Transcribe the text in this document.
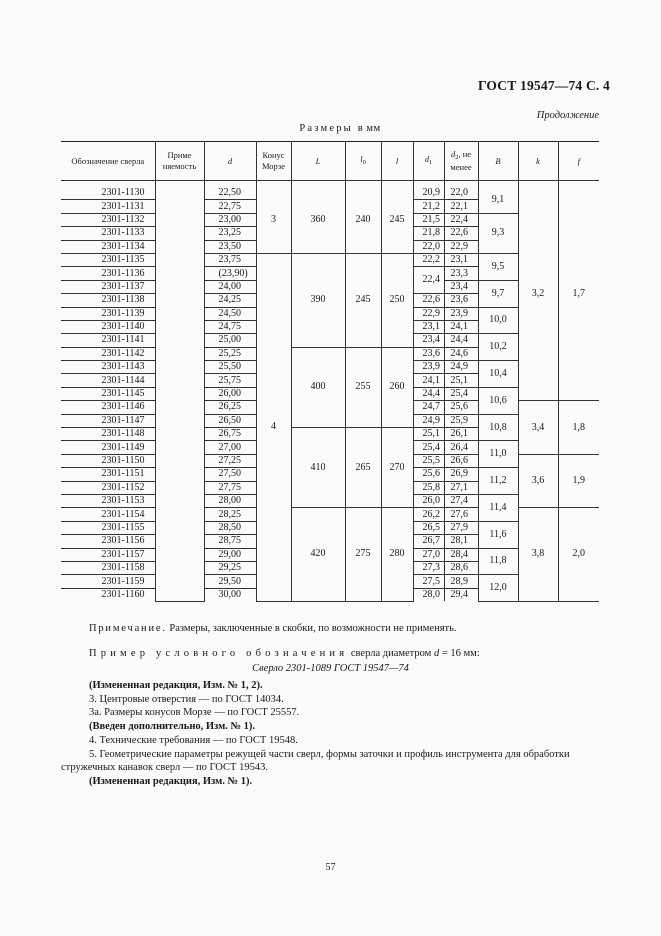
ГОСТ 19547—74 С. 4
Продолжение
Размеры в мм
Обозначение сверла	Приме няемость	d	Конус Морзе	L	$l_0$	l	$d_1$	$d_2$, не менее	B	k	f

2301-1130		22,50	3	360	240	245	20,9	22,0	9,1	3,2	1,7
2301-1131		22,75					21,2	22,1			
2301-1132		23,00					21,5	22,4	9,3		
2301-1133		23,25					21,8	22,6			
2301-1134		23,50					22,0	22,9			
2301-1135		23,75	4	390	245	250	22,2	23,1	9,5		
2301-1136		(23,90)					22,4	23,3			
2301-1137		24,00						23,4	9,7		
2301-1138		24,25					22,6	23,6			
2301-1139		24,50					22,9	23,9	10,0		
2301-1140		24,75					23,1	24,1			
2301-1141		25,00					23,4	24,4	10,2		
2301-1142		25,25		400	255	260	23,6	24,6			
2301-1143		25,50					23,9	24,9	10,4		
2301-1144		25,75					24,1	25,1			
2301-1145		26,00					24,4	25,4	10,6		
2301-1146		26,25					24,7	25,6		3,4	1,8
2301-1147		26,50					24,9	25,9	10,8		
2301-1148		26,75		410	265	270	25,1	26,1			
2301-1149		27,00					25,4	26,4	11,0		
2301-1150		27,25					25,5	26,6		3,6	1,9
2301-1151		27,50					25,6	26,9	11,2		
2301-1152		27,75					25,8	27,1			
2301-1153		28,00					26,0	27,4	11,4		
2301-1154		28,25		420	275	280	26,2	27,6		3,8	2,0
2301-1155		28,50					26,5	27,9	11,6		
2301-1156		28,75					26,7	28,1			
2301-1157		29,00					27,0	28,4	11,8		
2301-1158		29,25					27,3	28,6			
2301-1159		29,50					27,5	28,9	12,0		
2301-1160		30,00					28,0	29,4			
Примечание. Размеры, заключенные в скобки, по возможности не применять.
Пример условного обозначения сверла диаметром d = 16 мм:
Сверло 2301-1089 ГОСТ 19547—74

(Измененная редакция, Изм. № 1, 2).

3. Центровые отверстия — по ГОСТ 14034.

3а. Размеры конусов Морзе — по ГОСТ 25557.

(Введен дополнительно, Изм. № 1).

4. Технические требования — по ГОСТ 19548.

5. Геометрические параметры режущей части сверл, формы заточки и профиль инструмента для обработки стружечных канавок сверл — по ГОСТ 19543.

(Измененная редакция, Изм. № 1).

57
